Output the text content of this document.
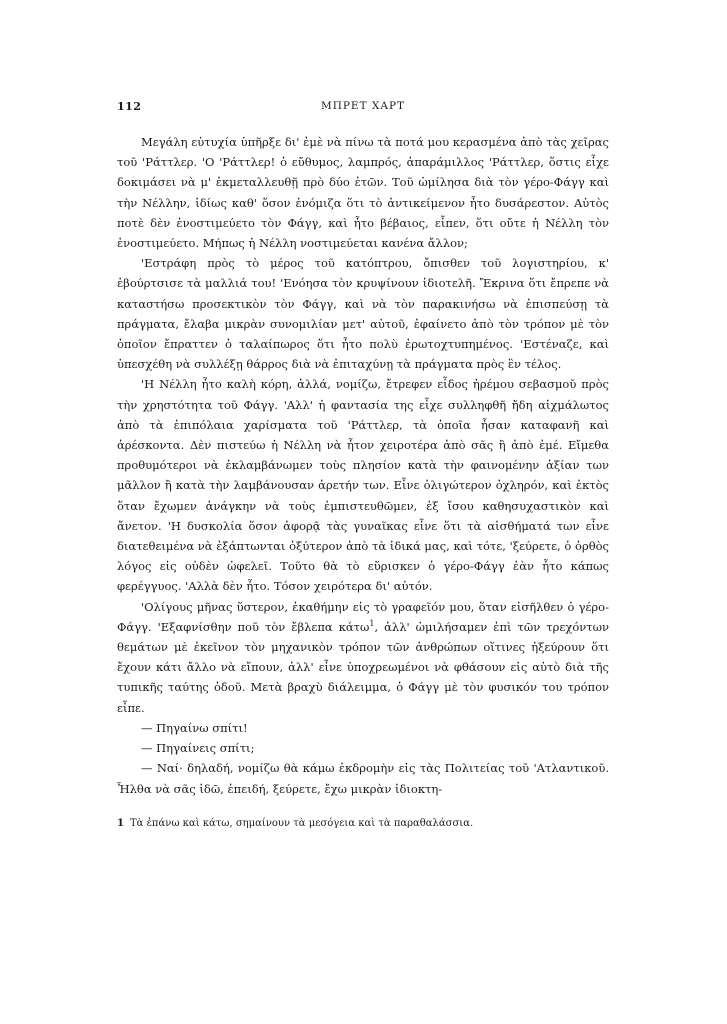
112	ΜΠΡΕΤ ΧΑΡΤ

Μεγάλη εὐτυχία ὑπῆρξε δι' ἐμὲ νὰ πίνω τὰ ποτά μου κερασμένα ἀπὸ τὰς χεῖρας τοῦ 'Ράττλερ. 'Ο 'Ράττλερ! ὁ εὔθυμος, λαμπρός, ἀπαράμιλλος 'Ράττλερ, ὅστις εἶχε δοκιμάσει νὰ μ' ἐκμεταλλευθῇ πρὸ δύο ἐτῶν. Τοῦ ὡμίλησα διὰ τὸν γέρο-Φάγγ καὶ τὴν Νέλλην, ἰδίως καθ' ὅσον ἐνόμιζα ὅτι τὸ ἀντικείμενον ἦτο δυσάρεστον. Αὐτὸς ποτὲ δὲν ἐνοστιμεύετο τὸν Φάγγ, καὶ ἦτο βέβαιος, εἶπεν, ὅτι οὔτε ἡ Νέλλη τὸν ἐνοστιμεύετο. Μήπως ἡ Νέλλη νοστιμεύεται κανένα ἄλλον;

'Εστράφη πρὸς τὸ μέρος τοῦ κατόπτρου, ὄπισθεν τοῦ λογιστηρίου, κ' ἐβούρτσισε τὰ μαλλιά του! 'Ενόησα τὸν κρυψίνουν ἰδιοτελῆ. Ἔκρινα ὅτι ἔπρεπε νὰ καταστήσω προσεκτικὸν τὸν Φάγγ, καὶ νὰ τὸν παρακινήσω νὰ ἐπισπεύσῃ τὰ πράγματα, ἔλαβα μικρὰν συνομιλίαν μετ' αὐτοῦ, ἐφαίνετο ἀπὸ τὸν τρόπον μὲ τὸν ὁποῖον ἔπραττεν ὁ ταλαίπωρος ὅτι ἦτο πολὺ ἐρωτοχτυπημένος. 'Εστέναζε, καὶ ὑπεσχέθη νὰ συλλέξῃ θάρρος διὰ νὰ ἐπιταχύνῃ τὰ πράγματα πρὸς ἓν τέλος.

'Η Νέλλη ἦτο καλὴ κόρη, ἀλλά, νομίζω, ἔτρεφεν εἶδος ἠρέμου σεβασμοῦ πρὸς τὴν χρηστότητα τοῦ Φάγγ. 'Αλλ' ἡ φαντασία της εἶχε συλληφθῆ ἤδη αἰχμάλωτος ἀπὸ τὰ ἐπιπόλαια χαρίσματα τοῦ 'Ράττλερ, τὰ ὁποῖα ἦσαν καταφανῆ καὶ ἀρέσκοντα. Δὲν πιστεύω ἡ Νέλλη νὰ ἦτον χειροτέρα ἀπὸ σᾶς ἢ ἀπὸ ἐμέ. Εἴμεθα προθυμότεροι νὰ ἐκλαμβάνωμεν τοὺς πλησίον κατὰ τὴν φαινομένην ἀξίαν των μᾶλλον ἢ κατὰ τὴν λαμβάνουσαν ἀρετήν των. Εἶνε ὀλιγώτερον ὀχληρόν, καὶ ἐκτὸς ὅταν ἔχωμεν ἀνάγκην νὰ τοὺς ἐμπιστευθῶμεν, ἐξ ἴσου καθησυχαστικὸν καὶ ἄνετον. 'Η δυσκολία ὅσον ἀφορᾷ τὰς γυναῖκας εἶνε ὅτι τὰ αἰσθήματά των εἶνε διατεθειμένα νὰ ἐξάπτωνται ὀξύτερον ἀπὸ τὰ ἰδικά μας, καὶ τότε, 'ξεύρετε, ὁ ὀρθὸς λόγος εἰς οὐδὲν ὠφελεῖ. Τοῦτο θὰ τὸ εὕρισκεν ὁ γέρο-Φάγγ ἐὰν ἦτο κάπως φερέγγυος. 'Αλλὰ δὲν ἦτο. Τόσον χειρότερα δι' αὐτόν.

'Ολίγους μῆνας ὕστερον, ἐκαθήμην εἰς τὸ γραφεῖόν μου, ὅταν εἰσῆλθεν ὁ γέρο-Φάγγ. 'Εξαφνίσθην ποῦ τὸν ἔβλεπα κάτω$^1$, ἀλλ' ὡμιλήσαμεν ἐπὶ τῶν τρεχόντων θεμάτων μὲ ἐκεῖνον τὸν μηχανικὸν τρόπον τῶν ἀνθρώπων οἵτινες ἠξεύρουν ὅτι ἔχουν κάτι ἄλλο νὰ εἴπουν, ἀλλ' εἶνε ὑποχρεωμένοι νὰ φθάσουν εἰς αὐτὸ διὰ τῆς τυπικῆς ταύτης ὁδοῦ. Μετὰ βραχὺ διάλειμμα, ὁ Φάγγ μὲ τὸν φυσικόν του τρόπον εἶπε.

— Πηγαίνω σπίτι!

— Πηγαίνεις σπίτι;

— Ναί· δηλαδή, νομίζω θὰ κάμω ἐκδρομὴν εἰς τὰς Πολιτείας τοῦ 'Ατλαντικοῦ. Ἦλθα νὰ σᾶς ἰδῶ, ἐπειδή, ξεύρετε, ἔχω μικρὰν ἰδιοκτη-

1 Τὰ ἐπάνω καὶ κάτω, σημαίνουν τὰ μεσόγεια καὶ τὰ παραθαλάσσια.
